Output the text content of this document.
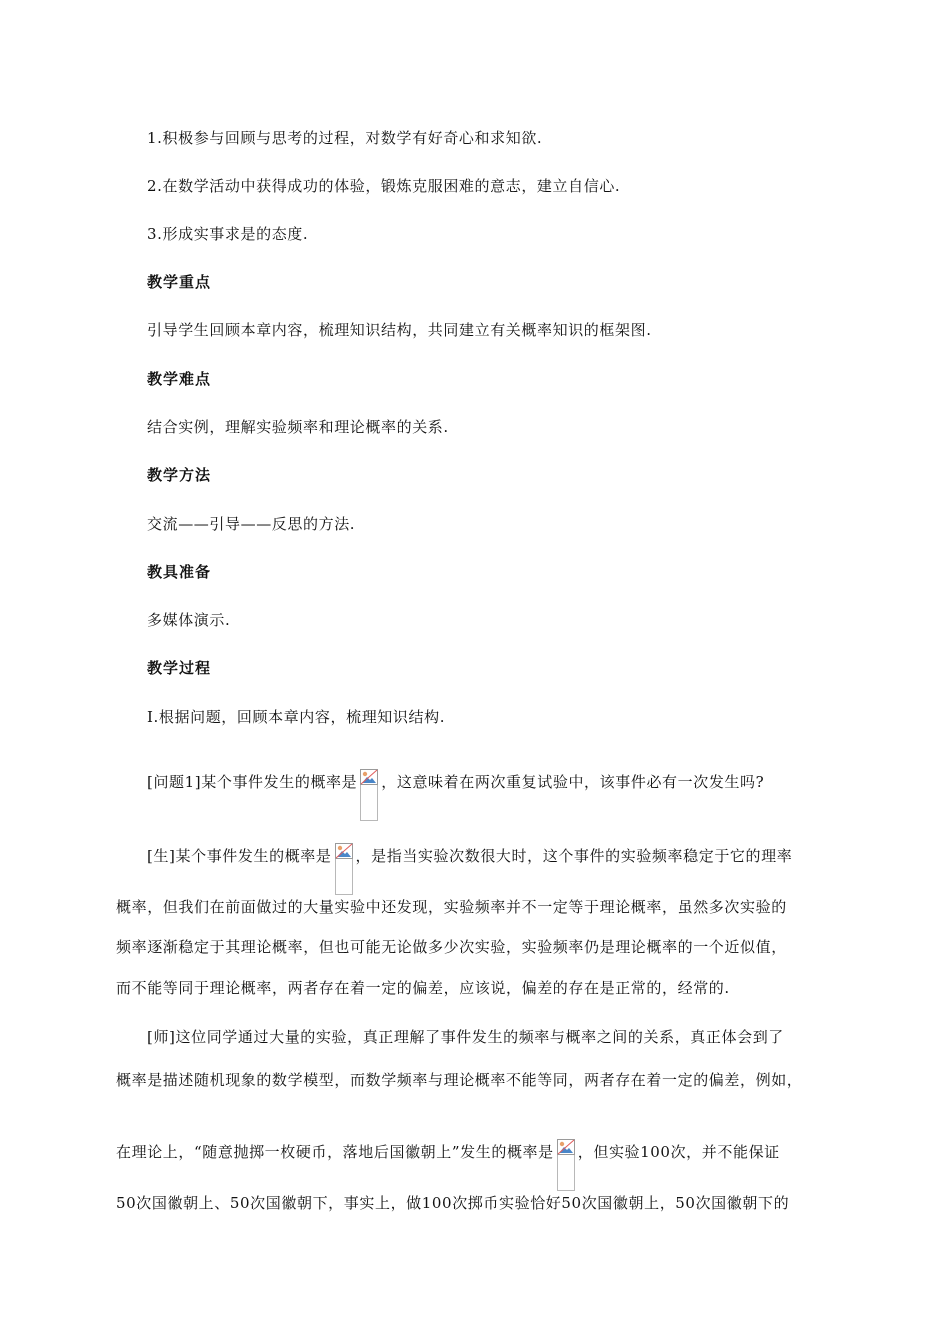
1.积极参与回顾与思考的过程，对数学有好奇心和求知欲.
2.在数学活动中获得成功的体验，锻炼克服困难的意志，建立自信心.
3.形成实事求是的态度.
教学重点
引导学生回顾本章内容，梳理知识结构，共同建立有关概率知识的框架图.
教学难点
结合实例，理解实验频率和理论概率的关系.
教学方法
交流——引导——反思的方法.
教具准备
多媒体演示.
教学过程
Ⅰ.根据问题，回顾本章内容，梳理知识结构.
[问题1]某个事件发生的概率是 ，这意味着在两次重复试验中，该事件必有一次发生吗?
[生]某个事件发生的概率是 ，是指当实验次数很大时，这个事件的实验频率稳定于它的理率
概率，但我们在前面做过的大量实验中还发现，实验频率并不一定等于理论概率，虽然多次实验的
频率逐渐稳定于其理论概率，但也可能无论做多少次实验，实验频率仍是理论概率的一个近似值，
而不能等同于理论概率，两者存在着一定的偏差，应该说，偏差的存在是正常的，经常的.
[师]这位同学通过大量的实验，真正理解了事件发生的频率与概率之间的关系，真正体会到了
概率是描述随机现象的数学模型，而数学频率与理论概率不能等同，两者存在着一定的偏差，例如，
在理论上，“随意抛掷一枚硬币，落地后国徽朝上”发生的概率是 ，但实验100次，并不能保证
50次国徽朝上、50次国徽朝下，事实上，做100次掷币实验恰好50次国徽朝上，50次国徽朝下的
